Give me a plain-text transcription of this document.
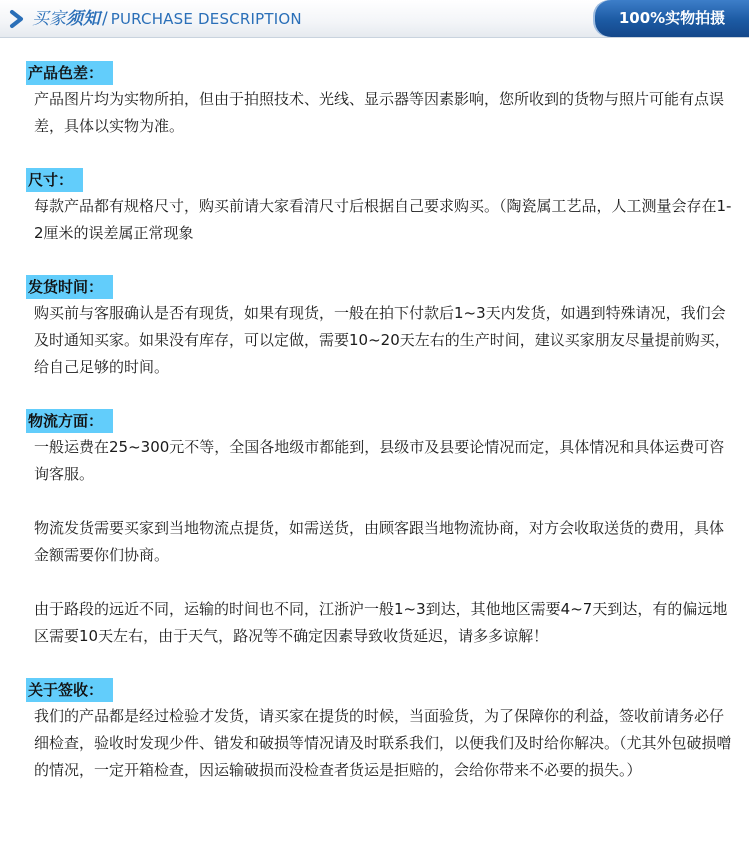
买家须知 / PURCHASE DESCRIPTION	100%实物拍摄
产品色差：

产品图片均为实物所拍，但由于拍照技术、光线、显示器等因素影响，您所收到的货物与照片可能有点误差，具体以实物为准。

尺寸：

每款产品都有规格尺寸，购买前请大家看清尺寸后根据自己要求购买。（陶瓷属工艺品，人工测量会存在1-2厘米的误差属正常现象

发货时间：

购买前与客服确认是否有现货，如果有现货，一般在拍下付款后1~3天内发货，如遇到特殊请况，我们会及时通知买家。如果没有库存，可以定做，需要10~20天左右的生产时间，建议买家朋友尽量提前购买，给自己足够的时间。

物流方面：

一般运费在25~300元不等，全国各地级市都能到，县级市及县要论情况而定，具体情况和具体运费可咨询客服。

物流发货需要买家到当地物流点提货，如需送货，由顾客跟当地物流协商，对方会收取送货的费用，具体金额需要你们协商。

由于路段的远近不同，运输的时间也不同，江浙沪一般1~3到达，其他地区需要4~7天到达，有的偏远地区需要10天左右，由于天气，路况等不确定因素导致收货延迟，请多多谅解！

关于签收：

我们的产品都是经过检验才发货，请买家在提货的时候，当面验货，为了保障你的利益，签收前请务必仔细检查，验收时发现少件、错发和破损等情况请及时联系我们，以便我们及时给你解决。（尤其外包破损噌的情况，一定开箱检查，因运输破损而没检查者货运是拒赔的，会给你带来不必要的损失。）
